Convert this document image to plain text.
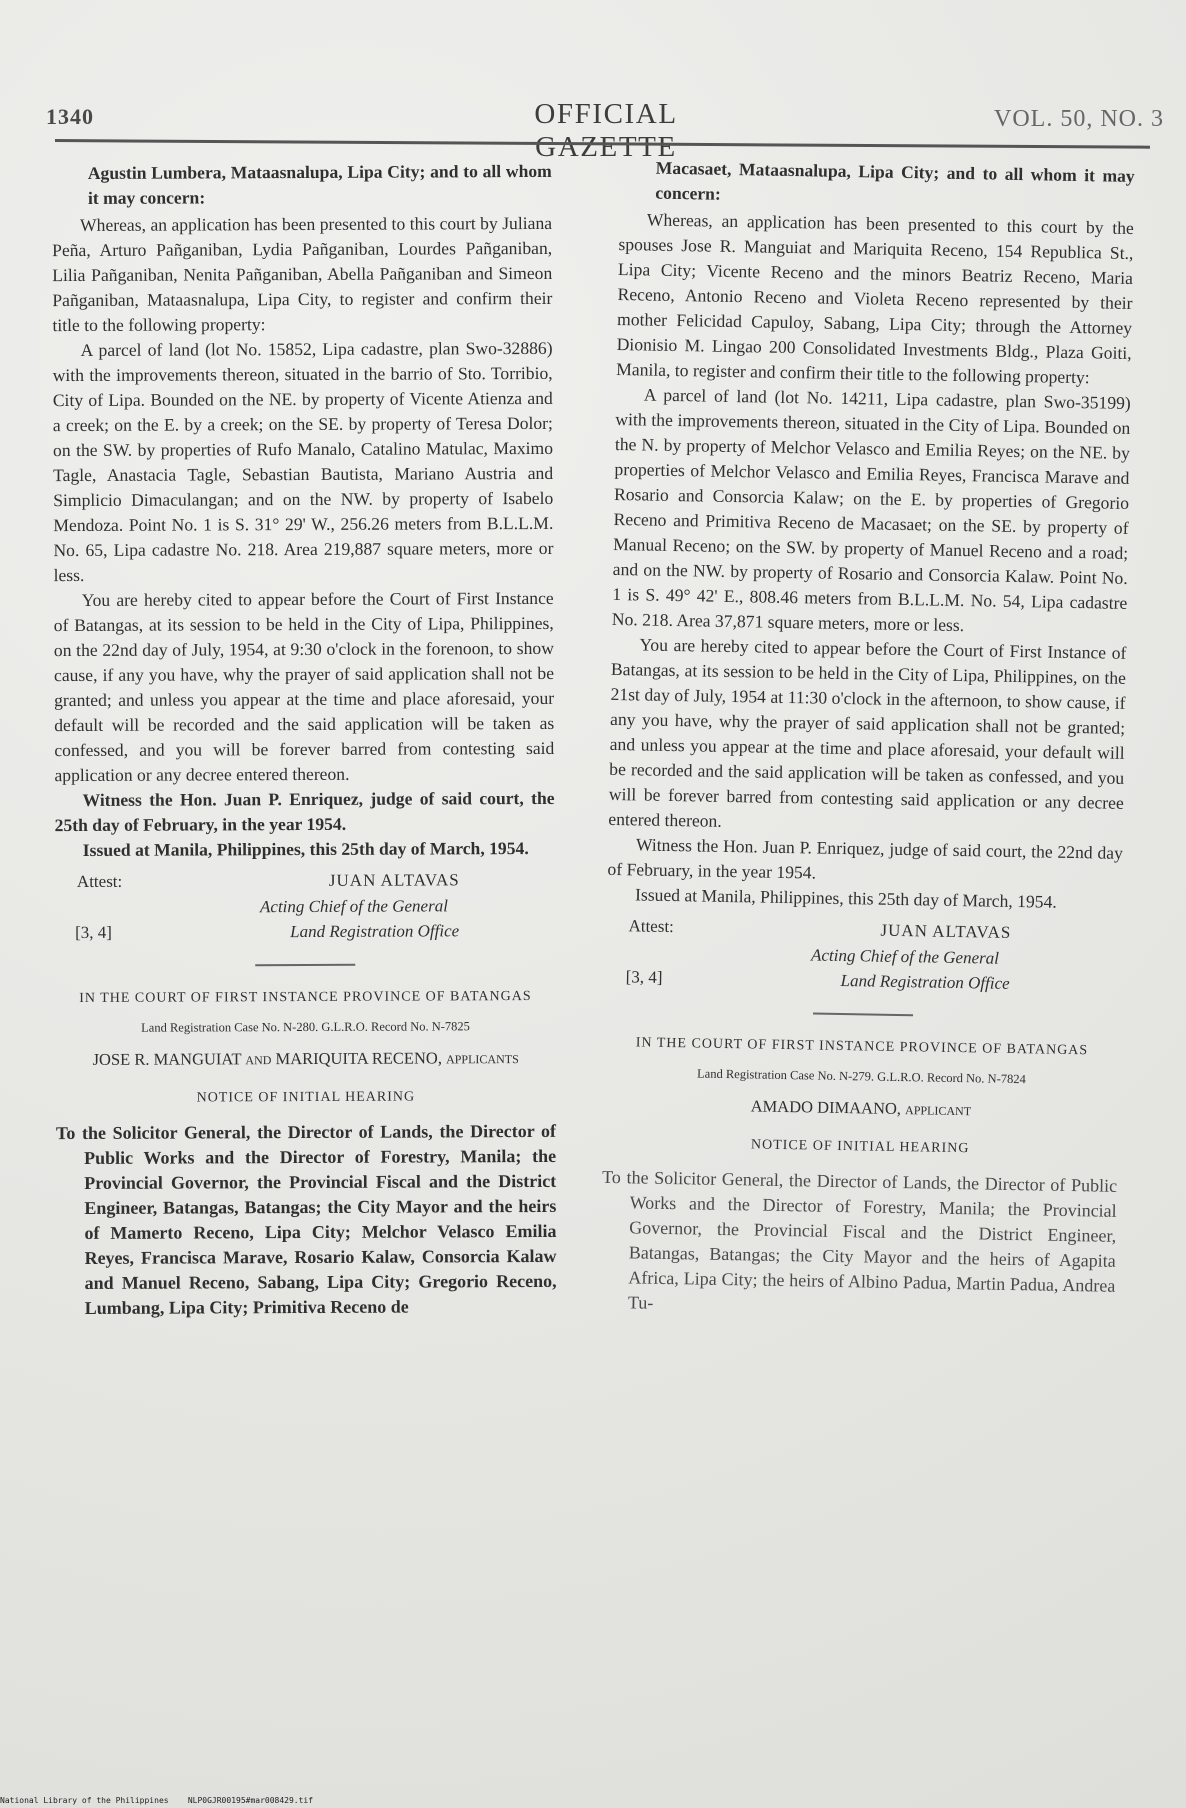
1340	OFFICIAL GAZETTE
VOL. 50, NO. 3

Agustin Lumbera, Mataasnalupa, Lipa City; and to all whom it may concern:

Whereas, an application has been presented to this court by Juliana Peña, Arturo Pañganiban, Lydia Pañganiban, Lourdes Pañganiban, Lilia Pañganiban, Nenita Pañganiban, Abella Pañganiban and Simeon Pañganiban, Mataasnalupa, Lipa City, to register and confirm their title to the following property:

A parcel of land (lot No. 15852, Lipa cadastre, plan Swo-32886) with the improvements thereon, situated in the barrio of Sto. Torribio, City of Lipa. Bounded on the NE. by property of Vicente Atienza and a creek; on the E. by a creek; on the SE. by property of Teresa Dolor; on the SW. by properties of Rufo Manalo, Catalino Matulac, Maximo Tagle, Anastacia Tagle, Sebastian Bautista, Mariano Austria and Simplicio Dimaculangan; and on the NW. by property of Isabelo Mendoza. Point No. 1 is S. 31° 29' W., 256.26 meters from B.L.L.M. No. 65, Lipa cadastre No. 218. Area 219,887 square meters, more or less.

You are hereby cited to appear before the Court of First Instance of Batangas, at its session to be held in the City of Lipa, Philippines, on the 22nd day of July, 1954, at 9:30 o'clock in the forenoon, to show cause, if any you have, why the prayer of said application shall not be granted; and unless you appear at the time and place aforesaid, your default will be recorded and the said application will be taken as confessed, and you will be forever barred from contesting said application or any decree entered thereon.

Witness the Hon. Juan P. Enriquez, judge of said court, the 25th day of February, in the year 1954.

Issued at Manila, Philippines, this 25th day of March, 1954.

Attest:	JUAN ALTAVAS
Acting Chief of the General
[3, 4]	Land Registration Office

IN THE COURT OF FIRST INSTANCE PROVINCE OF BATANGAS

Land Registration Case No. N-280. G.L.R.O. Record No. N-7825

JOSE R. MANGUIAT and MARIQUITA RECENO, applicants

NOTICE OF INITIAL HEARING

To the Solicitor General, the Director of Lands, the Director of Public Works and the Director of Forestry, Manila; the Provincial Governor, the Provincial Fiscal and the District Engineer, Batangas, Batangas; the City Mayor and the heirs of Mamerto Receno, Lipa City; Melchor Velasco Emilia Reyes, Francisca Marave, Rosario Kalaw, Consorcia Kalaw and Manuel Receno, Sabang, Lipa City; Gregorio Receno, Lumbang, Lipa City; Primitiva Receno de

Macasaet, Mataasnalupa, Lipa City; and to all whom it may concern:

Whereas, an application has been presented to this court by the spouses Jose R. Manguiat and Mariquita Receno, 154 Republica St., Lipa City; Vicente Receno and the minors Beatriz Receno, Maria Receno, Antonio Receno and Violeta Receno represented by their mother Felicidad Capuloy, Sabang, Lipa City; through the Attorney Dionisio M. Lingao 200 Consolidated Investments Bldg., Plaza Goiti, Manila, to register and confirm their title to the following property:

A parcel of land (lot No. 14211, Lipa cadastre, plan Swo-35199) with the improvements thereon, situated in the City of Lipa. Bounded on the N. by property of Melchor Velasco and Emilia Reyes; on the NE. by properties of Melchor Velasco and Emilia Reyes, Francisca Marave and Rosario and Consorcia Kalaw; on the E. by properties of Gregorio Receno and Primitiva Receno de Macasaet; on the SE. by property of Manual Receno; on the SW. by property of Manuel Receno and a road; and on the NW. by property of Rosario and Consorcia Kalaw. Point No. 1 is S. 49° 42' E., 808.46 meters from B.L.L.M. No. 54, Lipa cadastre No. 218. Area 37,871 square meters, more or less.

You are hereby cited to appear before the Court of First Instance of Batangas, at its session to be held in the City of Lipa, Philippines, on the 21st day of July, 1954 at 11:30 o'clock in the afternoon, to show cause, if any you have, why the prayer of said application shall not be granted; and unless you appear at the time and place aforesaid, your default will be recorded and the said application will be taken as confessed, and you will be forever barred from contesting said application or any decree entered thereon.

Witness the Hon. Juan P. Enriquez, judge of said court, the 22nd day of February, in the year 1954.

Issued at Manila, Philippines, this 25th day of March, 1954.

Attest:	JUAN ALTAVAS
Acting Chief of the General
[3, 4]	Land Registration Office

IN THE COURT OF FIRST INSTANCE PROVINCE OF BATANGAS

Land Registration Case No. N-279. G.L.R.O. Record No. N-7824

AMADO DIMAANO, applicant

NOTICE OF INITIAL HEARING

To the Solicitor General, the Director of Lands, the Director of Public Works and the Director of Forestry, Manila; the Provincial Governor, the Provincial Fiscal and the District Engineer, Batangas, Batangas; the City Mayor and the heirs of Agapita Africa, Lipa City; the heirs of Albino Padua, Martin Padua, Andrea Tu-

National Library of the Philippines    NLP0GJR00195#mar008429.tif
